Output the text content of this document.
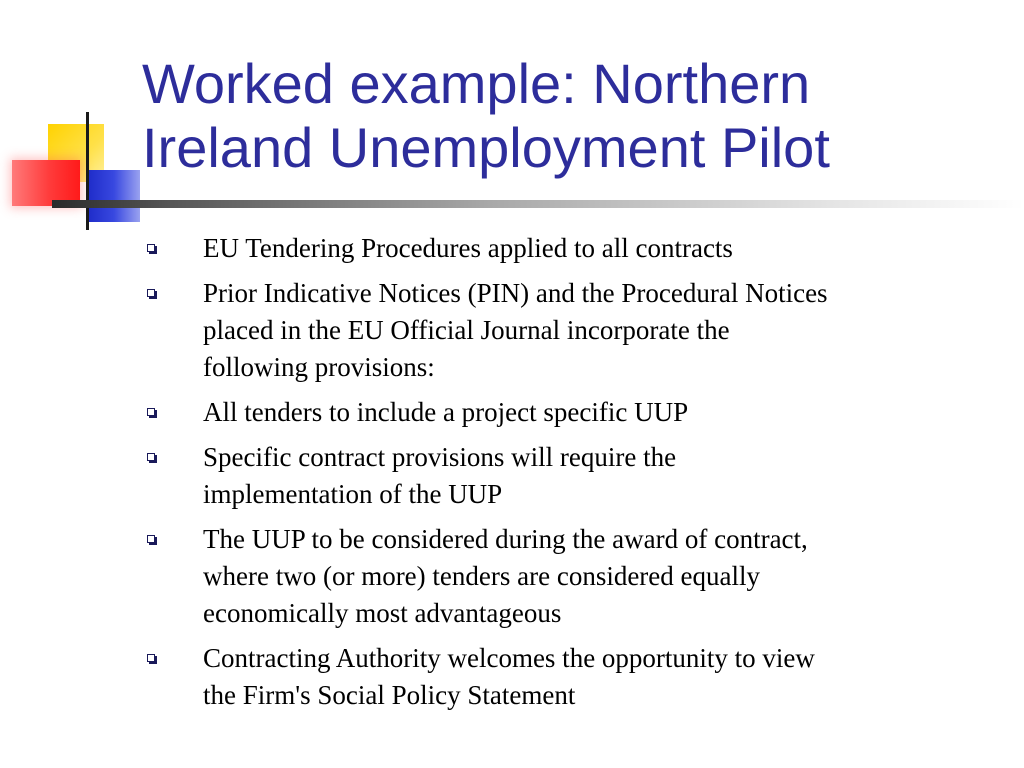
Worked example: Northern
Ireland Unemployment Pilot
EU Tendering Procedures applied to all contracts
Prior Indicative Notices (PIN) and the Procedural Notices
placed in the EU Official Journal incorporate the
following provisions:
All tenders to include a project specific UUP
Specific contract provisions will require the
implementation of the UUP
The UUP to be considered during the award of contract,
where two (or more) tenders are considered equally
economically most advantageous
Contracting Authority welcomes the opportunity to view
the Firm's Social Policy Statement
